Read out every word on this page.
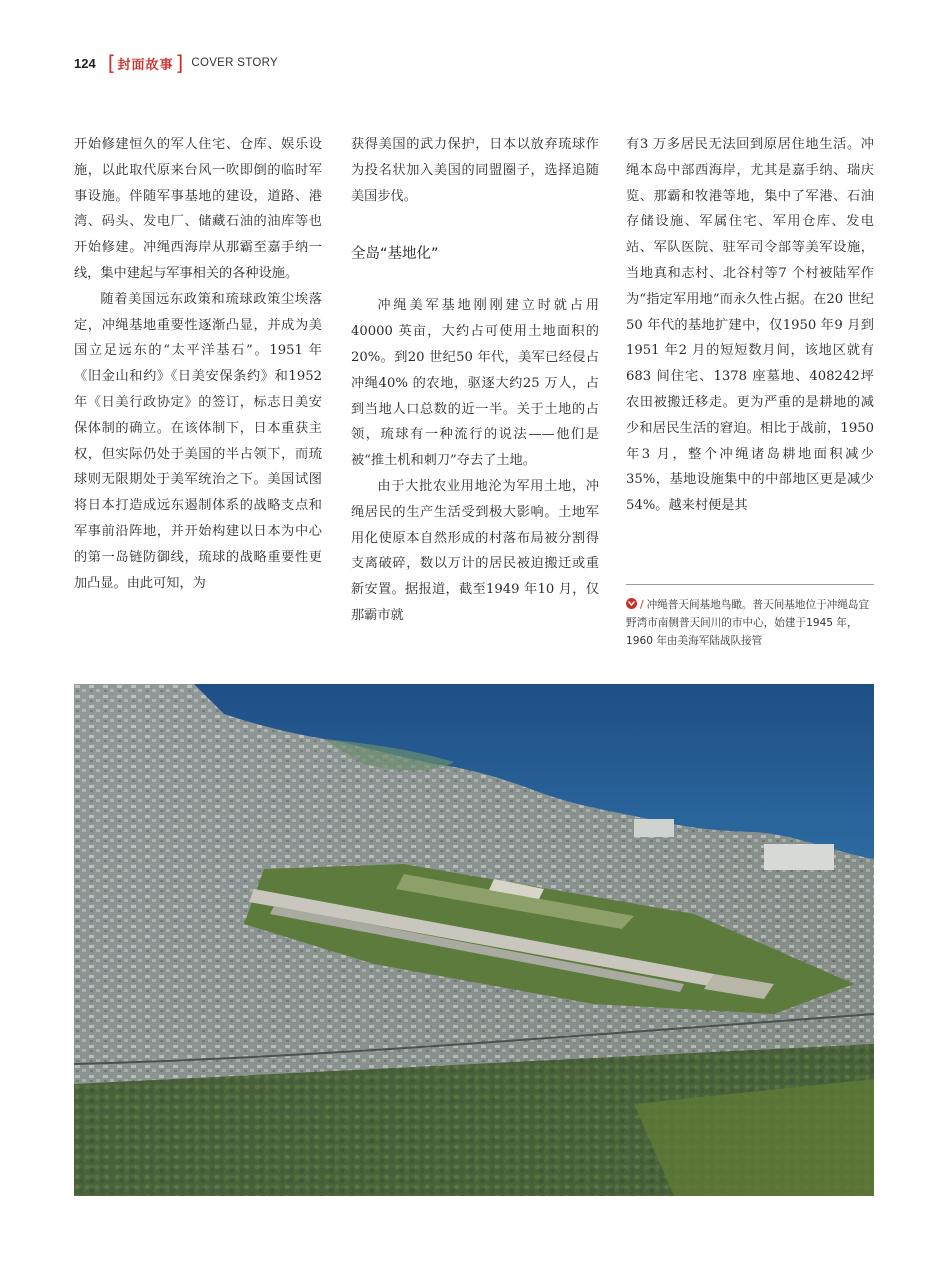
124 [ 封面故事 ] COVER STORY

开始修建恒久的军人住宅、仓库、娱乐设施，以此取代原来台风一吹即倒的临时军事设施。伴随军事基地的建设，道路、港湾、码头、发电厂、储藏石油的油库等也开始修建。冲绳西海岸从那霸至嘉手纳一线，集中建起与军事相关的各种设施。

随着美国远东政策和琉球政策尘埃落定，冲绳基地重要性逐渐凸显，并成为美国立足远东的“太平洋基石”。1951 年《旧金山和约》《日美安保条约》和1952 年《日美行政协定》的签订，标志日美安保体制的确立。在该体制下，日本重获主权，但实际仍处于美国的半占领下，而琉球则无限期处于美军统治之下。美国试图将日本打造成远东遏制体系的战略支点和军事前沿阵地，并开始构建以日本为中心的第一岛链防御线，琉球的战略重要性更加凸显。由此可知，为

获得美国的武力保护，日本以放弃琉球作为投名状加入美国的同盟圈子，选择追随美国步伐。

全岛“基地化”

冲绳美军基地刚刚建立时就占用40000 英亩，大约占可使用土地面积的20%。到20 世纪50 年代，美军已经侵占冲绳40% 的农地，驱逐大约25 万人，占到当地人口总数的近一半。关于土地的占领，琉球有一种流行的说法——他们是被“推土机和刺刀”夺去了土地。

由于大批农业用地沦为军用土地，冲绳居民的生产生活受到极大影响。土地军用化使原本自然形成的村落布局被分割得支离破碎，数以万计的居民被迫搬迁或重新安置。据报道，截至1949 年10 月，仅那霸市就

有3 万多居民无法回到原居住地生活。冲绳本岛中部西海岸，尤其是嘉手纳、瑞庆览、那霸和牧港等地，集中了军港、石油存储设施、军属住宅、军用仓库、发电站、军队医院、驻军司令部等美军设施，当地真和志村、北谷村等7 个村被陆军作为“指定军用地”而永久性占据。在20 世纪50 年代的基地扩建中，仅1950 年9 月到1951 年2 月的短短数月间，该地区就有683 间住宅、1378 座墓地、408242坪农田被搬迁移走。更为严重的是耕地的减少和居民生活的窘迫。相比于战前，1950 年3 月，整个冲绳诸岛耕地面积减少35%，基地设施集中的中部地区更是减少54%。越来村便是其

/ 冲绳普天间基地鸟瞰。普天间基地位于冲绳岛宜野湾市南侧普天间川的市中心，始建于1945 年，1960 年由美海军陆战队接管
